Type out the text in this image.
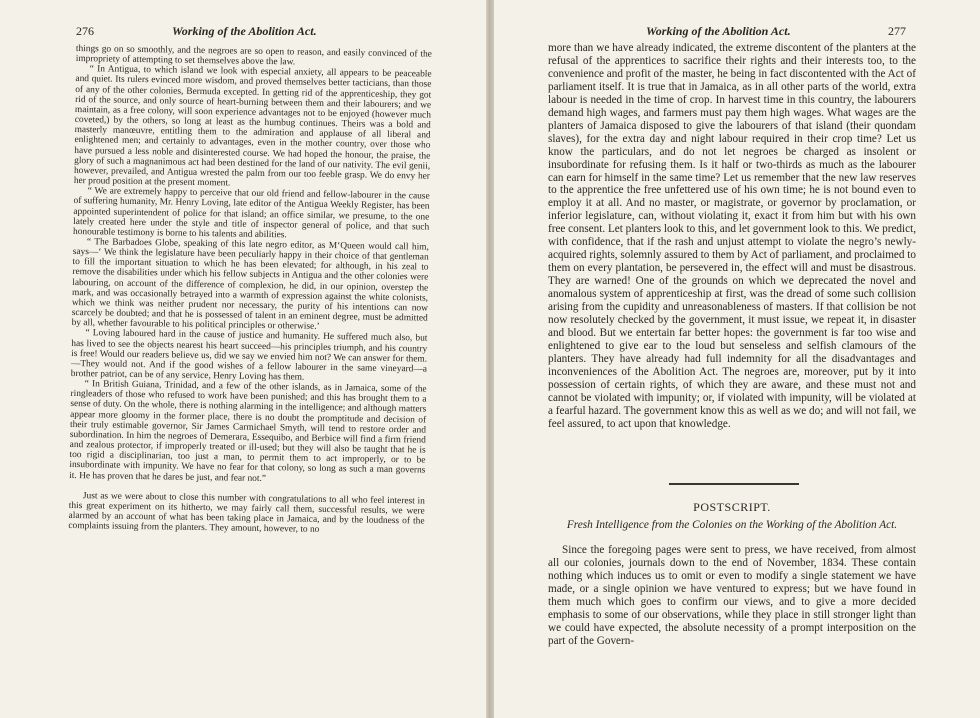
276	Working of the Abolition Act.

things go on so smoothly, and the negroes are so open to reason, and easily convinced of the impropriety of attempting to set themselves above the law.

“ In Antigua, to which island we look with especial anxiety, all appears to be peaceable and quiet. Its rulers evinced more wisdom, and proved themselves better tacticians, than those of any of the other colonies, Bermuda excepted. In getting rid of the apprenticeship, they got rid of the source, and only source of heart-burning between them and their labourers; and we maintain, as a free colony, will soon experience advantages not to be enjoyed (however much coveted,) by the others, so long at least as the humbug continues. Theirs was a bold and masterly manœuvre, entitling them to the admiration and applause of all liberal and enlightened men; and certainly to advantages, even in the mother country, over those who have pursued a less noble and disinterested course. We had hoped the honour, the praise, the glory of such a magnanimous act had been destined for the land of our nativity. The evil genii, however, prevailed, and Antigua wrested the palm from our too feeble grasp. We do envy her her proud position at the present moment.

“ We are extremely happy to perceive that our old friend and fellow-labourer in the cause of suffering humanity, Mr. Henry Loving, late editor of the Antigua Weekly Register, has been appointed superintendent of police for that island; an office similar, we presume, to the one lately created here under the style and title of inspector general of police, and that such honourable testimony is borne to his talents and abilities.

“ The Barbadoes Globe, speaking of this late negro editor, as M‘Queen would call him, says—‘ We think the legislature have been peculiarly happy in their choice of that gentleman to fill the important situation to which he has been elevated; for although, in his zeal to remove the disabilities under which his fellow subjects in Antigua and the other colonies were labouring, on account of the difference of complexion, he did, in our opinion, overstep the mark, and was occasionally betrayed into a warmth of expression against the white colonists, which we think was neither prudent nor necessary, the purity of his intentions can now scarcely be doubted; and that he is possessed of talent in an eminent degree, must be admitted by all, whether favourable to his political principles or otherwise.’

“ Loving laboured hard in the cause of justice and humanity. He suffered much also, but has lived to see the objects nearest his heart succeed—his principles triumph, and his country is free! Would our readers believe us, did we say we envied him not? We can answer for them.—They would not. And if the good wishes of a fellow labourer in the same vineyard—a brother patriot, can be of any service, Henry Loving has them.

“ In British Guiana, Trinidad, and a few of the other islands, as in Jamaica, some of the ringleaders of those who refused to work have been punished; and this has brought them to a sense of duty. On the whole, there is nothing alarming in the intelligence; and although matters appear more gloomy in the former place, there is no doubt the promptitude and decision of their truly estimable governor, Sir James Carmichael Smyth, will tend to restore order and subordination. In him the negroes of Demerara, Essequibo, and Berbice will find a firm friend and zealous protector, if improperly treated or ill-used; but they will also be taught that he is too rigid a disciplinarian, too just a man, to permit them to act improperly, or to be insubordinate with impunity. We have no fear for that colony, so long as such a man governs it. He has proven that he dares be just, and fear not.”

Just as we were about to close this number with congratulations to all who feel interest in this great experiment on its hitherto, we may fairly call them, successful results, we were alarmed by an account of what has been taking place in Jamaica, and by the loudness of the complaints issuing from the planters. They amount, however, to no

Working of the Abolition Act.	277

more than we have already indicated, the extreme discontent of the planters at the refusal of the apprentices to sacrifice their rights and their interests too, to the convenience and profit of the master, he being in fact discontented with the Act of parliament itself. It is true that in Jamaica, as in all other parts of the world, extra labour is needed in the time of crop. In harvest time in this country, the labourers demand high wages, and farmers must pay them high wages. What wages are the planters of Jamaica disposed to give the labourers of that island (their quondam slaves), for the extra day and night labour required in their crop time? Let us know the particulars, and do not let negroes be charged as insolent or insubordinate for refusing them. Is it half or two-thirds as much as the labourer can earn for himself in the same time? Let us remember that the new law reserves to the apprentice the free unfettered use of his own time; he is not bound even to employ it at all. And no master, or magistrate, or governor by proclamation, or inferior legislature, can, without violating it, exact it from him but with his own free consent. Let planters look to this, and let government look to this. We predict, with confidence, that if the rash and unjust attempt to violate the negro’s newly-acquired rights, solemnly assured to them by Act of parliament, and proclaimed to them on every plantation, be persevered in, the effect will and must be disastrous. They are warned! One of the grounds on which we deprecated the novel and anomalous system of apprenticeship at first, was the dread of some such collision arising from the cupidity and unreasonableness of masters. If that collision be not now resolutely checked by the government, it must issue, we repeat it, in disaster and blood. But we entertain far better hopes: the government is far too wise and enlightened to give ear to the loud but senseless and selfish clamours of the planters. They have already had full indemnity for all the disadvantages and inconveniences of the Abolition Act. The negroes are, moreover, put by it into possession of certain rights, of which they are aware, and these must not and cannot be violated with impunity; or, if violated with impunity, will be violated at a fearful hazard. The government know this as well as we do; and will not fail, we feel assured, to act upon that knowledge.

POSTSCRIPT.
Fresh Intelligence from the Colonies on the Working of the Abolition Act.

Since the foregoing pages were sent to press, we have received, from almost all our colonies, journals down to the end of November, 1834. These contain nothing which induces us to omit or even to modify a single statement we have made, or a single opinion we have ventured to express; but we have found in them much which goes to confirm our views, and to give a more decided emphasis to some of our observations, while they place in still stronger light than we could have expected, the absolute necessity of a prompt interposition on the part of the Govern-
